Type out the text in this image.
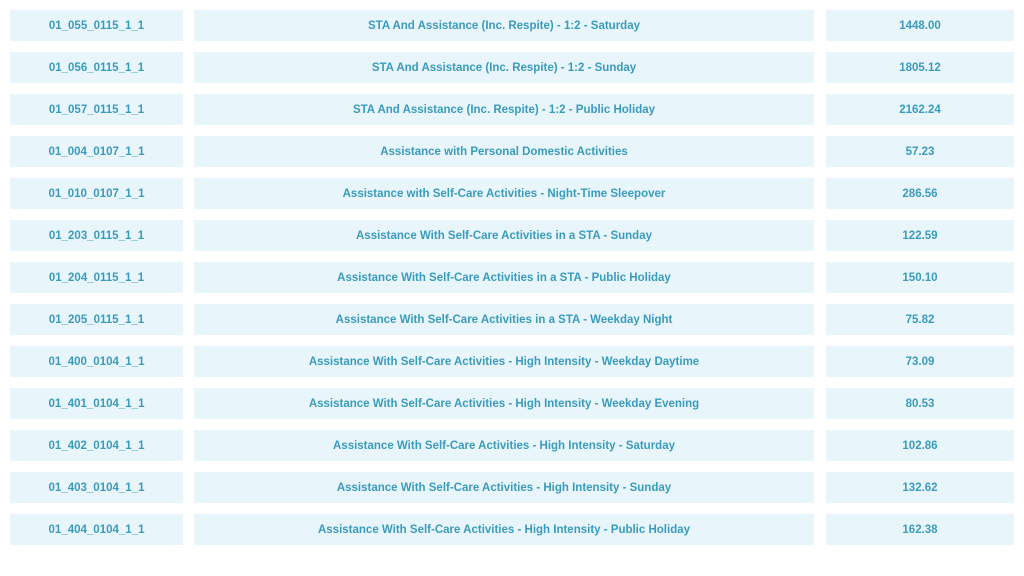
01_055_0115_1_1	STA And Assistance (Inc. Respite) - 1:2 - Saturday	1448.00
01_056_0115_1_1	STA And Assistance (Inc. Respite) - 1:2 - Sunday	1805.12
01_057_0115_1_1	STA And Assistance (Inc. Respite) - 1:2 - Public Holiday	2162.24
01_004_0107_1_1	Assistance with Personal Domestic Activities	57.23
01_010_0107_1_1	Assistance with Self-Care Activities - Night-Time Sleepover	286.56
01_203_0115_1_1	Assistance With Self-Care Activities in a STA - Sunday	122.59
01_204_0115_1_1	Assistance With Self-Care Activities in a STA - Public Holiday	150.10
01_205_0115_1_1	Assistance With Self-Care Activities in a STA - Weekday Night	75.82
01_400_0104_1_1	Assistance With Self-Care Activities - High Intensity - Weekday Daytime	73.09
01_401_0104_1_1	Assistance With Self-Care Activities - High Intensity - Weekday Evening	80.53
01_402_0104_1_1	Assistance With Self-Care Activities - High Intensity - Saturday	102.86
01_403_0104_1_1	Assistance With Self-Care Activities - High Intensity - Sunday	132.62
01_404_0104_1_1	Assistance With Self-Care Activities - High Intensity - Public Holiday	162.38
